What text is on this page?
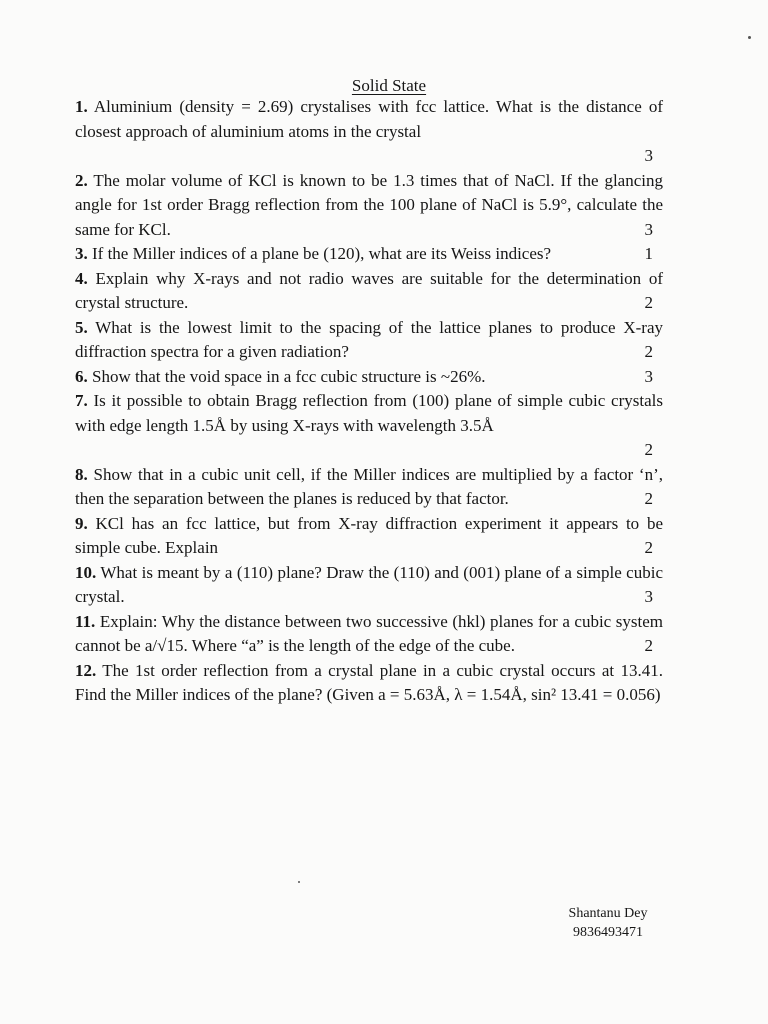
Solid State

1. Aluminium (density = 2.69) crystalises with fcc lattice. What is the distance of closest approach of aluminium atoms in the crystal

3

2. The molar volume of KCl is known to be 1.3 times that of NaCl. If the glancing angle for 1st order Bragg reflection from the 100 plane of NaCl is 5.9°, calculate the same for KCl.	3

3. If the Miller indices of a plane be (120), what are its Weiss indices?	1

4. Explain why X-rays and not radio waves are suitable for the determination of crystal structure.	2

5. What is the lowest limit to the spacing of the lattice planes to produce X-ray diffraction spectra for a given radiation?	2

6. Show that the void space in a fcc cubic structure is ~26%.	3

7. Is it possible to obtain Bragg reflection from (100) plane of simple cubic crystals with edge length 1.5Å by using X-rays with wavelength 3.5Å

2

8. Show that in a cubic unit cell, if the Miller indices are multiplied by a factor ‘n’, then the separation between the planes is reduced by that factor.	2

9. KCl has an fcc lattice, but from X-ray diffraction experiment it appears to be simple cube. Explain	2

10. What is meant by a (110) plane? Draw the (110) and (001) plane of a simple cubic crystal.	3

11. Explain: Why the distance between two successive (hkl) planes for a cubic system cannot be a/√15. Where “a” is the length of the edge of the cube.	2

12. The 1st order reflection from a crystal plane in a cubic crystal occurs at 13.41. Find the Miller indices of the plane? (Given a = 5.63Å, λ = 1.54Å, sin² 13.41 = 0.056)

Shantanu Dey
9836493471
